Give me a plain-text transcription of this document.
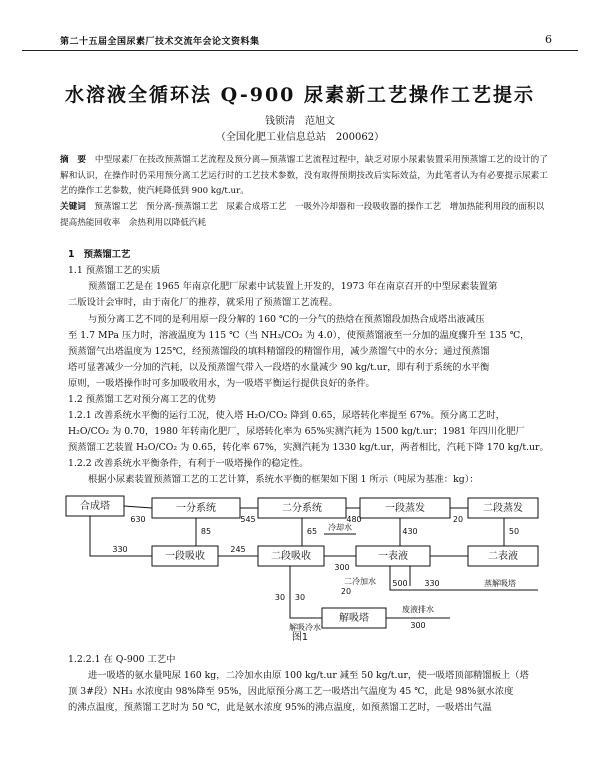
第二十五届全国尿素厂技术交流年会论文资料集	6
水溶液全循环法 Q-900 尿素新工艺操作工艺提示
钱锁清　范旭文
（全国化肥工业信息总站　200062）
摘　要　 中型尿素厂在技改预蒸馏工艺流程及预分离—预蒸馏工艺流程过程中，缺乏对原小尿素装置采用预蒸馏工艺的设计的了解和认识，在操作时仍采用预分离工艺运行时的工艺技术参数，没有取得预期技改后实际效益，为此笔者认为有必要提示尿素工艺的操作工艺参数，使汽耗降低到 900 kg/t.ur。
关键词　 预蒸馏工艺　预分离-预蒸馏工艺　尿素合成塔工艺　一吸外冷却器和一段吸收器的操作工艺　增加热能利用段的面积以提高热能回收率　余热利用以降低汽耗
1　预蒸馏工艺
1.1 预蒸馏工艺的实质
预蒸馏工艺是在 1965 年南京化肥厂尿素中试装置上开发的，1973 年在南京召开的中型尿素装置第
二版设计会审时，由于南化厂的推荐，就采用了预蒸馏工艺流程。
与预分离工艺不同的是利用原一段分解的 160 ℃的一分气的热焓在预蒸馏段加热合成塔出液减压
至 1.7 MPa 压力时，溶液温度为 115 ℃（当 NH₃/CO₂ 为 4.0），使预蒸馏液至一分加的温度骤升至 135 ℃，
预蒸馏气出塔温度为 125℃，经预蒸馏段的填料精馏段的精馏作用，减少蒸馏气中的水分；通过预蒸馏
塔可显著减少一分加的汽耗，以及预蒸馏气带入一段塔的水量减少 90 kg/t.ur，即有利于系统的水平衡
原则，一吸塔操作时可多加吸收用水，为一吸塔平衡运行提供良好的条件。
1.2 预蒸馏工艺对预分离工艺的优势
1.2.1 改善系统水平衡的运行工况，使入塔 H₂O/CO₂ 降到 0.65，尿塔转化率提至 67%。预分离工艺时，
H₂O/CO₂ 为 0.70，1980 年转南化肥厂，尿塔转化率为 65%实测汽耗为 1500 kg/t.ur；1981 年四川化肥厂
预蒸馏工艺装置 H₂O/CO₂ 为 0.65，转化率 67%，实测汽耗为 1330 kg/t.ur，两者相比，汽耗下降 170 kg/t.ur。
1.2.2 改善系统水平衡条件，有利于一吸塔操作的稳定性。
根据小尿素装置预蒸馏工艺的工艺计算，系统水平衡的框架如下图 1 所示（吨尿为基准：kg）：
合成塔	一分系统	二分系统	一段蒸发	二段蒸发
一段吸收	二段吸收	一表液	二表液
解吸塔
630	545	480	20
85	65	430	50
330	245
冷却水
300
500 330
30
20
30
二冷加水
解吸冷水
废液排水
300
蒸解吸塔
图1
1.2.2.1 在 Q-900 工艺中
进一吸塔的氨水量吨尿 160 kg，二冷加水由原 100 kg/t.ur 减至 50 kg/t.ur，使一吸塔顶部精馏板上（塔
顶 3#段）NH₃ 水浓度由 98%降至 95%，因此原预分离工艺一吸塔出气温度为 45 ℃，此是 98%氨水浓度
的沸点温度，预蒸馏工艺时为 50 ℃，此是氨水浓度 95%的沸点温度，如预蒸馏工艺时，一吸塔出气温
